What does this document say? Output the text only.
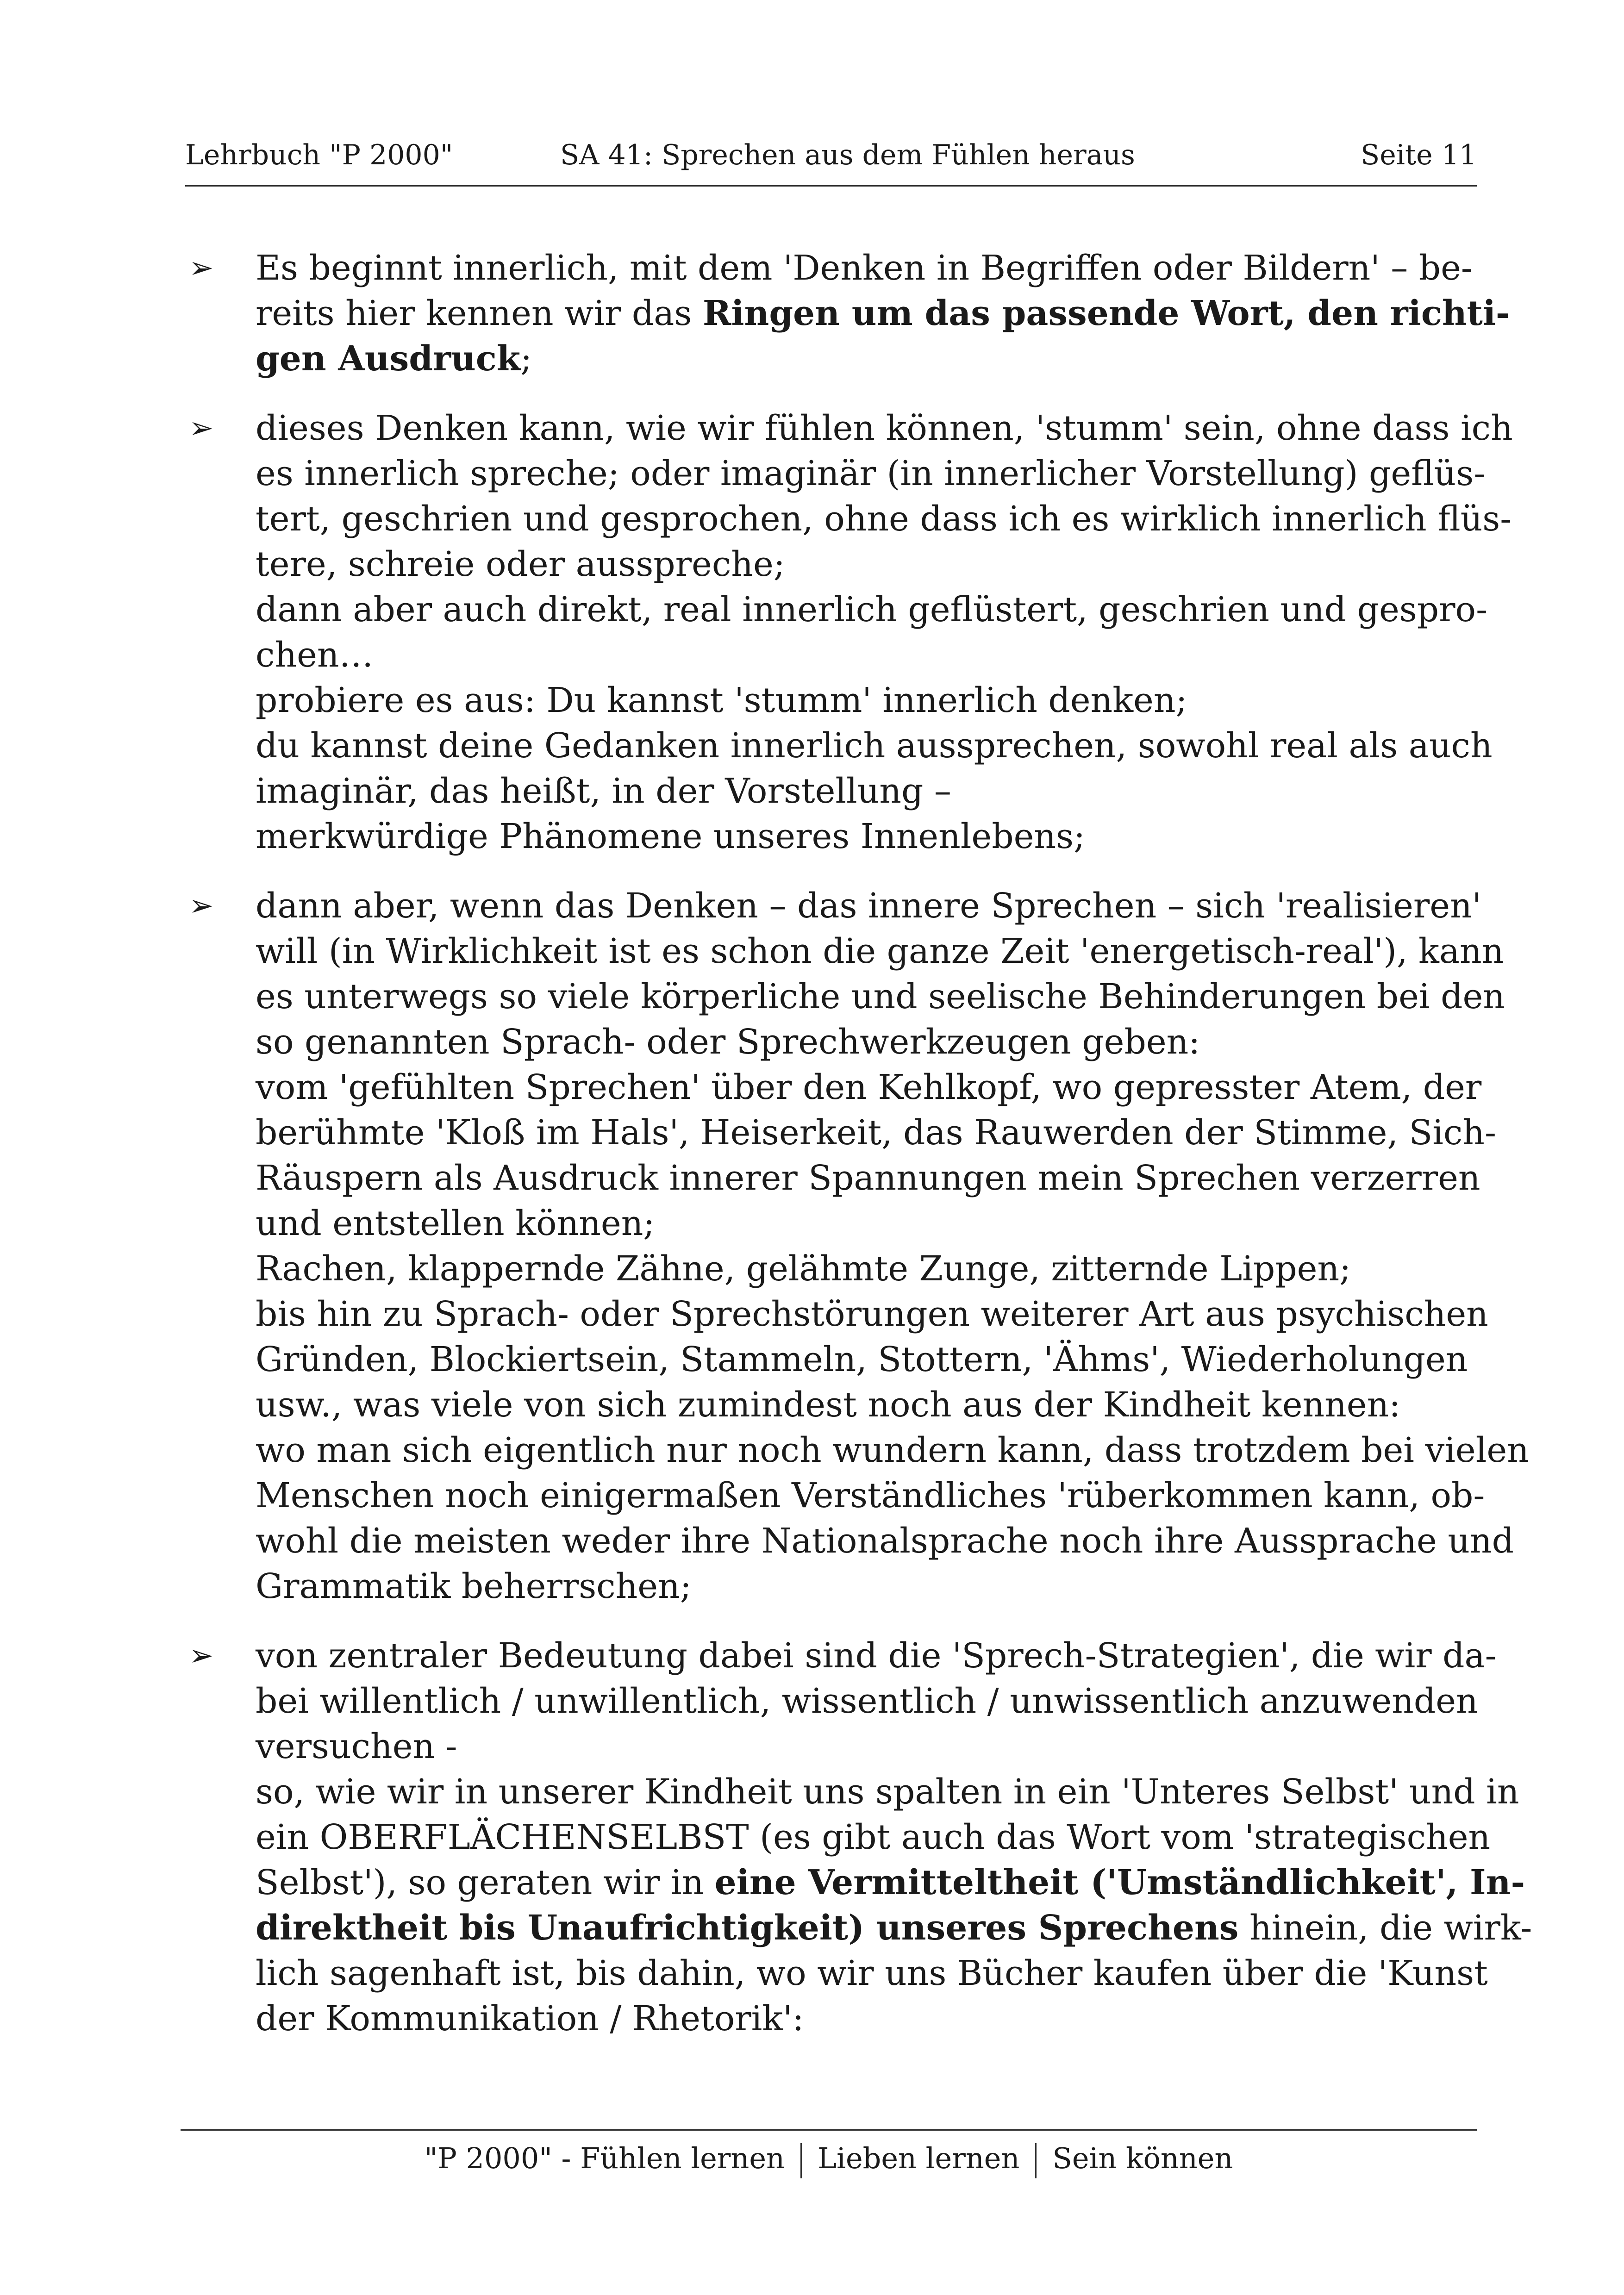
Lehrbuch "P 2000"	SA 41: Sprechen aus dem Fühlen heraus	Seite 11
➢ Es beginnt innerlich, mit dem 'Denken in Begriffen oder Bildern' – be-
reits hier kennen wir das Ringen um das passende Wort, den richti-
gen Ausdruck;
➢ dieses Denken kann, wie wir fühlen können, 'stumm' sein, ohne dass ich
es innerlich spreche; oder imaginär (in innerlicher Vorstellung) geflüs-
tert, geschrien und gesprochen, ohne dass ich es wirklich innerlich flüs-
tere, schreie oder ausspreche;
dann aber auch direkt, real innerlich geflüstert, geschrien und gespro-
chen…
probiere es aus: Du kannst 'stumm' innerlich denken;
du kannst deine Gedanken innerlich aussprechen, sowohl real als auch
imaginär, das heißt, in der Vorstellung –
merkwürdige Phänomene unseres Innenlebens;
➢ dann aber, wenn das Denken – das innere Sprechen – sich 'realisieren'
will (in Wirklichkeit ist es schon die ganze Zeit 'energetisch-real'), kann
es unterwegs so viele körperliche und seelische Behinderungen bei den
so genannten Sprach- oder Sprechwerkzeugen geben:
vom 'gefühlten Sprechen' über den Kehlkopf, wo gepresster Atem, der
berühmte 'Kloß im Hals', Heiserkeit, das Rauwerden der Stimme, Sich-
Räuspern als Ausdruck innerer Spannungen mein Sprechen verzerren
und entstellen können;
Rachen, klappernde Zähne, gelähmte Zunge, zitternde Lippen;
bis hin zu Sprach- oder Sprechstörungen weiterer Art aus psychischen
Gründen, Blockiertsein, Stammeln, Stottern, 'Ähms', Wiederholungen
usw., was viele von sich zumindest noch aus der Kindheit kennen:
wo man sich eigentlich nur noch wundern kann, dass trotzdem bei vielen
Menschen noch einigermaßen Verständliches 'rüberkommen kann, ob-
wohl die meisten weder ihre Nationalsprache noch ihre Aussprache und
Grammatik beherrschen;
➢ von zentraler Bedeutung dabei sind die 'Sprech-Strategien', die wir da-
bei willentlich / unwillentlich, wissentlich / unwissentlich anzuwenden
versuchen -
so, wie wir in unserer Kindheit uns spalten in ein 'Unteres Selbst' und in
ein OBERFLÄCHENSELBST (es gibt auch das Wort vom 'strategischen
Selbst'), so geraten wir in eine Vermitteltheit ('Umständlichkeit', In-
direktheit bis Unaufrichtigkeit) unseres Sprechens hinein, die wirk-
lich sagenhaft ist, bis dahin, wo wir uns Bücher kaufen über die 'Kunst
der Kommunikation / Rhetorik':
"P 2000" - Fühlen lernen Lieben lernen Sein können
